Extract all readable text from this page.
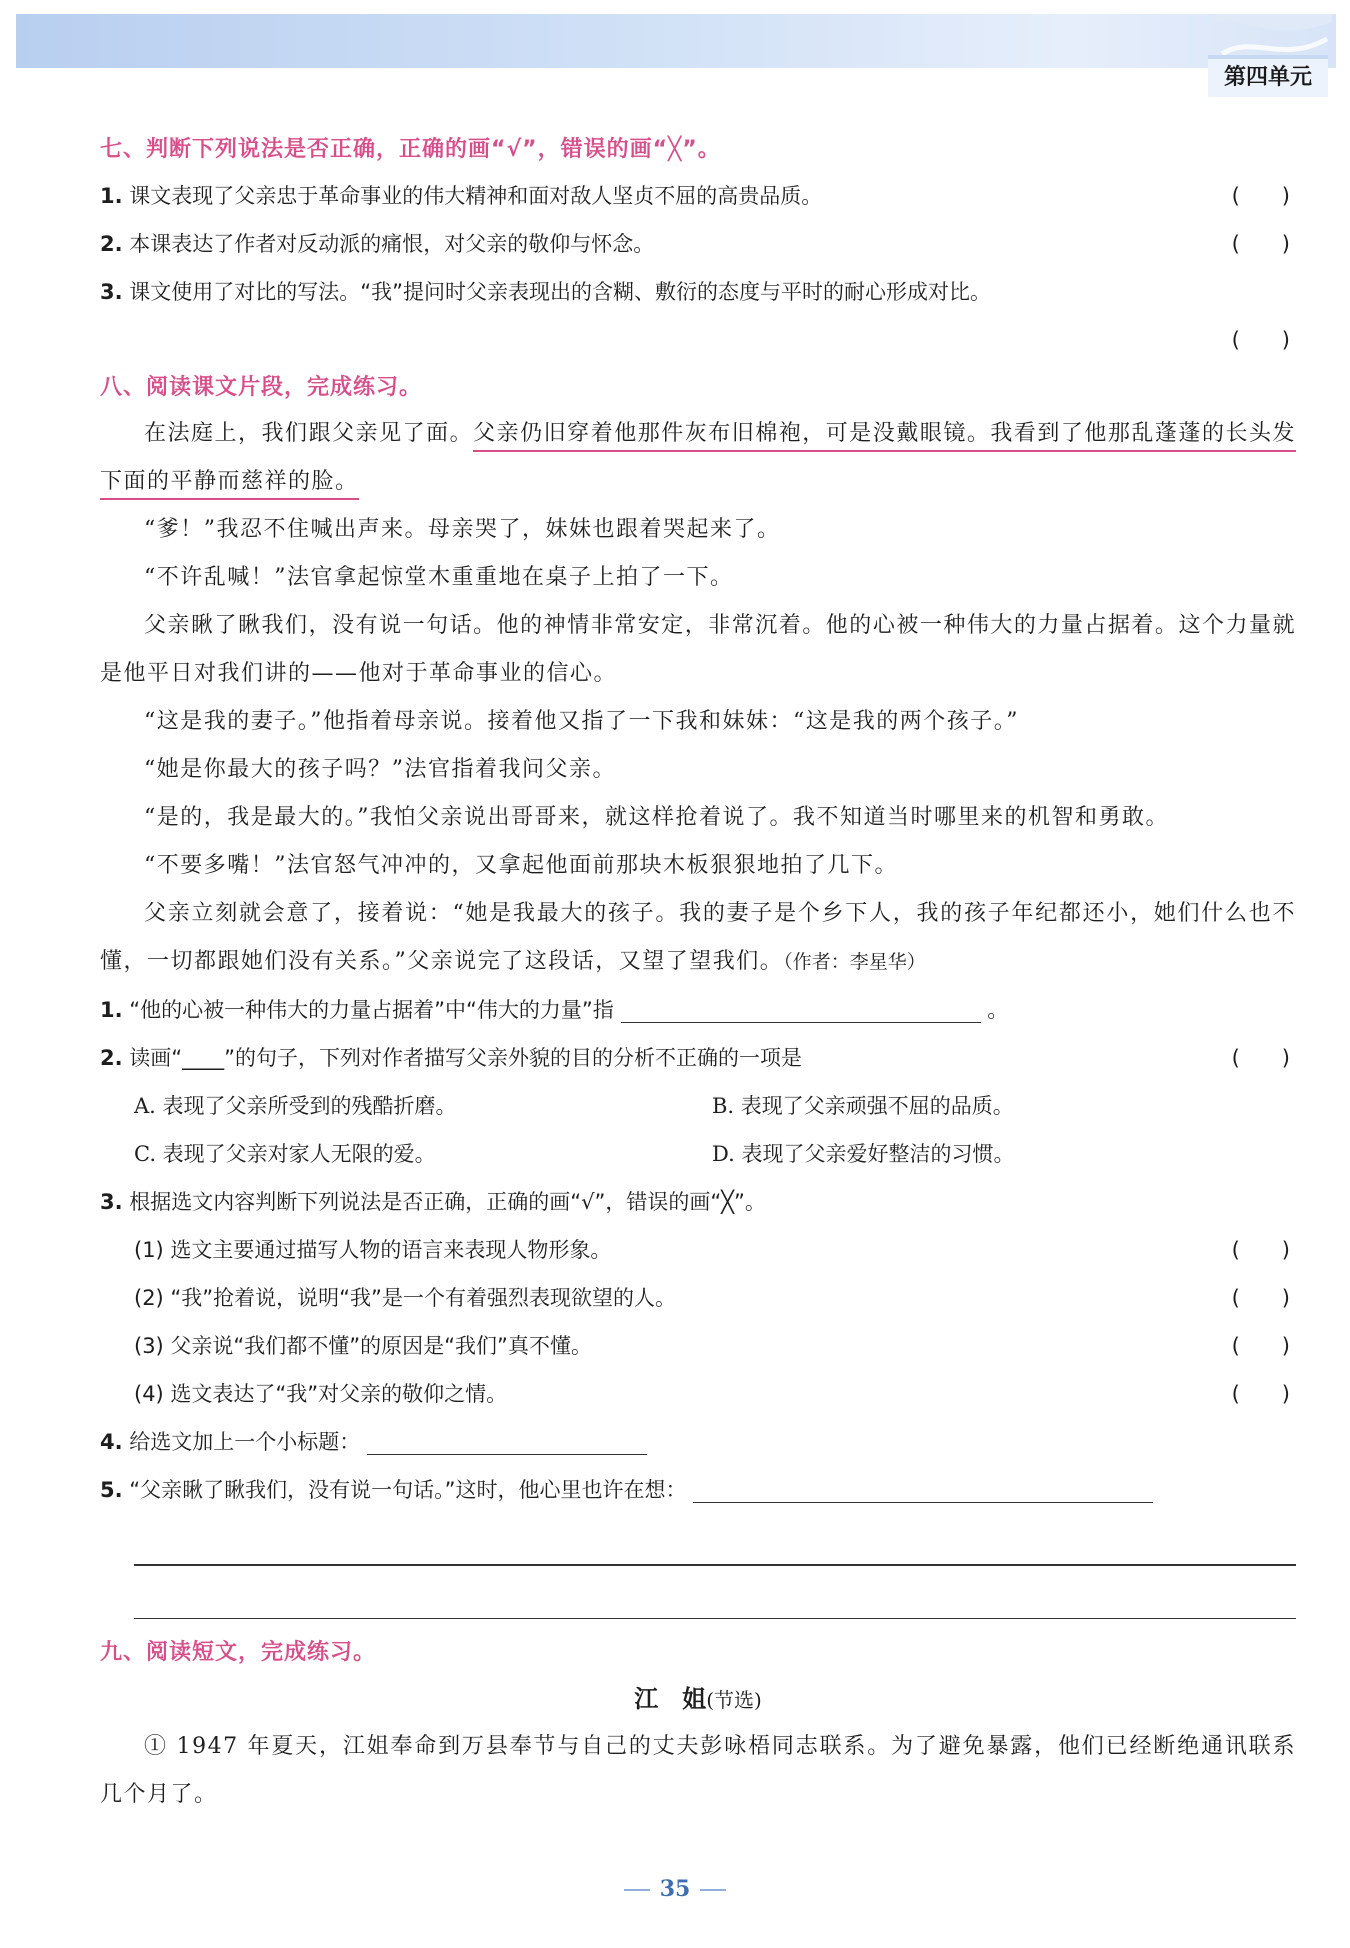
第四单元
七、判断下列说法是否正确，正确的画“√”，错误的画“╳”。
1. 课文表现了父亲忠于革命事业的伟大精神和面对敌人坚贞不屈的高贵品质。	(　　)
2. 本课表达了作者对反动派的痛恨，对父亲的敬仰与怀念。	(　　)
3. 课文使用了对比的写法。“我”提问时父亲表现出的含糊、敷衍的态度与平时的耐心形成对比。
(　　)
八、阅读课文片段，完成练习。

在法庭上，我们跟父亲见了面。父亲仍旧穿着他那件灰布旧棉袍，可是没戴眼镜。我看到了他那乱蓬蓬的长头发下面的平静而慈祥的脸。

“爹！”我忍不住喊出声来。母亲哭了，妹妹也跟着哭起来了。

“不许乱喊！”法官拿起惊堂木重重地在桌子上拍了一下。

父亲瞅了瞅我们，没有说一句话。他的神情非常安定，非常沉着。他的心被一种伟大的力量占据着。这个力量就是他平日对我们讲的——他对于革命事业的信心。

“这是我的妻子。”他指着母亲说。接着他又指了一下我和妹妹：“这是我的两个孩子。”

“她是你最大的孩子吗？”法官指着我问父亲。

“是的，我是最大的。”我怕父亲说出哥哥来，就这样抢着说了。我不知道当时哪里来的机智和勇敢。

“不要多嘴！”法官怒气冲冲的，又拿起他面前那块木板狠狠地拍了几下。

父亲立刻就会意了，接着说：“她是我最大的孩子。我的妻子是个乡下人，我的孩子年纪都还小，她们什么也不懂，一切都跟她们没有关系。”父亲说完了这段话，又望了望我们。（作者：李星华）

1. “他的心被一种伟大的力量占据着”中“伟大的力量”指	。
2. 读画“____”的句子，下列对作者描写父亲外貌的目的分析不正确的一项是	(　　)
A. 表现了父亲所受到的残酷折磨。	B. 表现了父亲顽强不屈的品质。
C. 表现了父亲对家人无限的爱。	D. 表现了父亲爱好整洁的习惯。
3. 根据选文内容判断下列说法是否正确，正确的画“√”，错误的画“╳”。
(1) 选文主要通过描写人物的语言来表现人物形象。	(　　)
(2) “我”抢着说，说明“我”是一个有着强烈表现欲望的人。	(　　)
(3) 父亲说“我们都不懂”的原因是“我们”真不懂。	(　　)
(4) 选文表达了“我”对父亲的敬仰之情。	(　　)
4. 给选文加上一个小标题：
5. “父亲瞅了瞅我们，没有说一句话。”这时，他心里也许在想：
九、阅读短文，完成练习。
江　姐(节选)

① 1947 年夏天，江姐奉命到万县奉节与自己的丈夫彭咏梧同志联系。为了避免暴露，他们已经断绝通讯联系几个月了。

35
